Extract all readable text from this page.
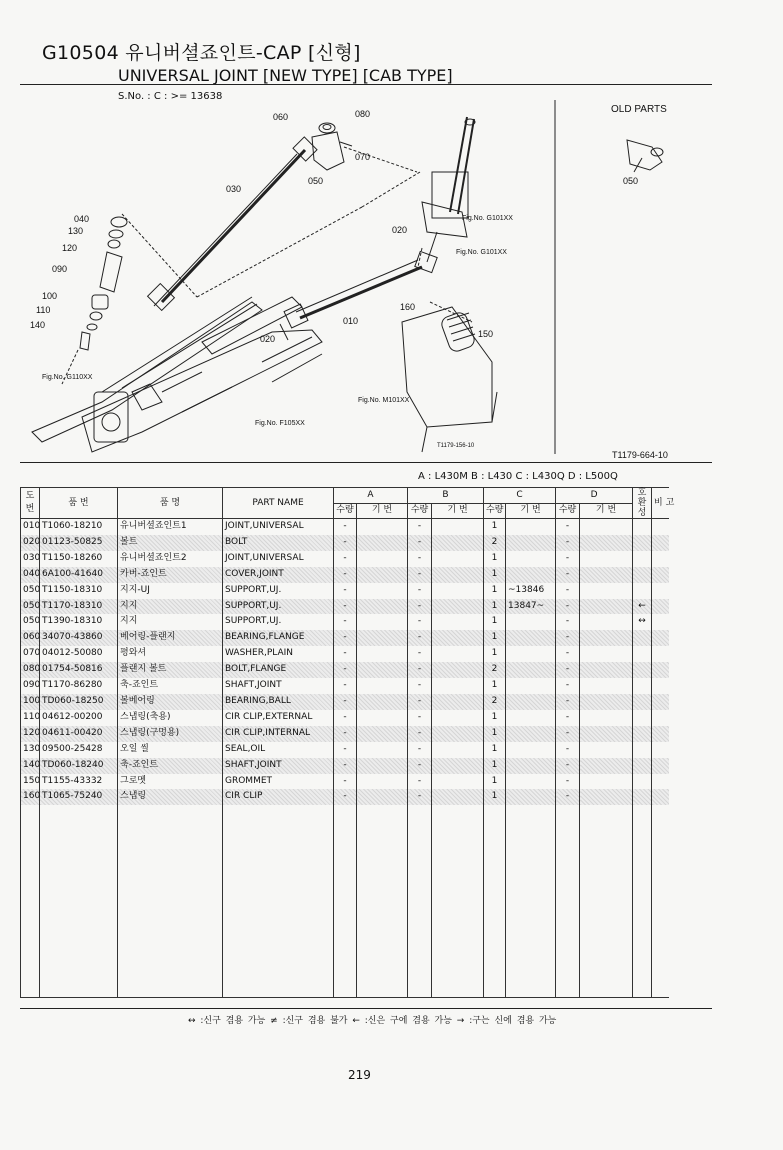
G10504 유니버셜죠인트-CAP [신형]
UNIVERSAL JOINT [NEW TYPE] [CAB TYPE]
S.No. : C : >= 13638
060	080
070
050
030
040
130
120
090
100
110
140
020
010
020
160
150
050
OLD PARTS
Fig.No. G101XX
Fig.No. G101XX
Fig.No. G110XX
Fig.No. F105XX
Fig.No. M101XX
T1179-156-10
T1179-664-10
A : L430M B : L430 C : L430Q D : L500Q
도
번	품 번	품 명	PART NAME	A		B		C		D		호
환
성	비 고
				수량	기 번	수량	기 번	수량	기 번	수량	기 번		
010	T1060-18210	유니버셜죠인트1	JOINT,UNIVERSAL	-		-		1		-			
020	01123-50825	볼트	BOLT	-		-		2		-			
030	T1150-18260	유니버셜죠인트2	JOINT,UNIVERSAL	-		-		1		-			
040	6A100-41640	카버-죠인트	COVER,JOINT	-		-		1		-			
050	T1150-18310	지지-UJ	SUPPORT,UJ.	-		-		1	~13846	-			
050	T1170-18310	지지	SUPPORT,UJ.	-		-		1	13847~	-		←	
050	T1390-18310	지지	SUPPORT,UJ.	-		-		1		-		↔	
060	34070-43860	베어링-플랜지	BEARING,FLANGE	-		-		1		-			
070	04012-50080	평와셔	WASHER,PLAIN	-		-		1		-			
080	01754-50816	플랜지 볼트	BOLT,FLANGE	-		-		2		-			
090	T1170-86280	축-죠인트	SHAFT,JOINT	-		-		1		-			
100	TD060-18250	볼베어링	BEARING,BALL	-		-		2		-			
110	04612-00200	스냅링(축용)	CIR CLIP,EXTERNAL	-		-		1		-			
120	04611-00420	스냅링(구멍용)	CIR CLIP,INTERNAL	-		-		1		-			
130	09500-25428	오일 씰	SEAL,OIL	-		-		1		-			
140	TD060-18240	축-죠인트	SHAFT,JOINT	-		-		1		-			
150	T1155-43332	그로멧	GROMMET	-		-		1		-			
160	T1065-75240	스냅링	CIR CLIP	-		-		1		-			

↔ :신구 겸용 가능 ≠ :신구 겸용 불가 ← :신은 구에 겸용 가능 → :구는 신에 겸용 가능
219
